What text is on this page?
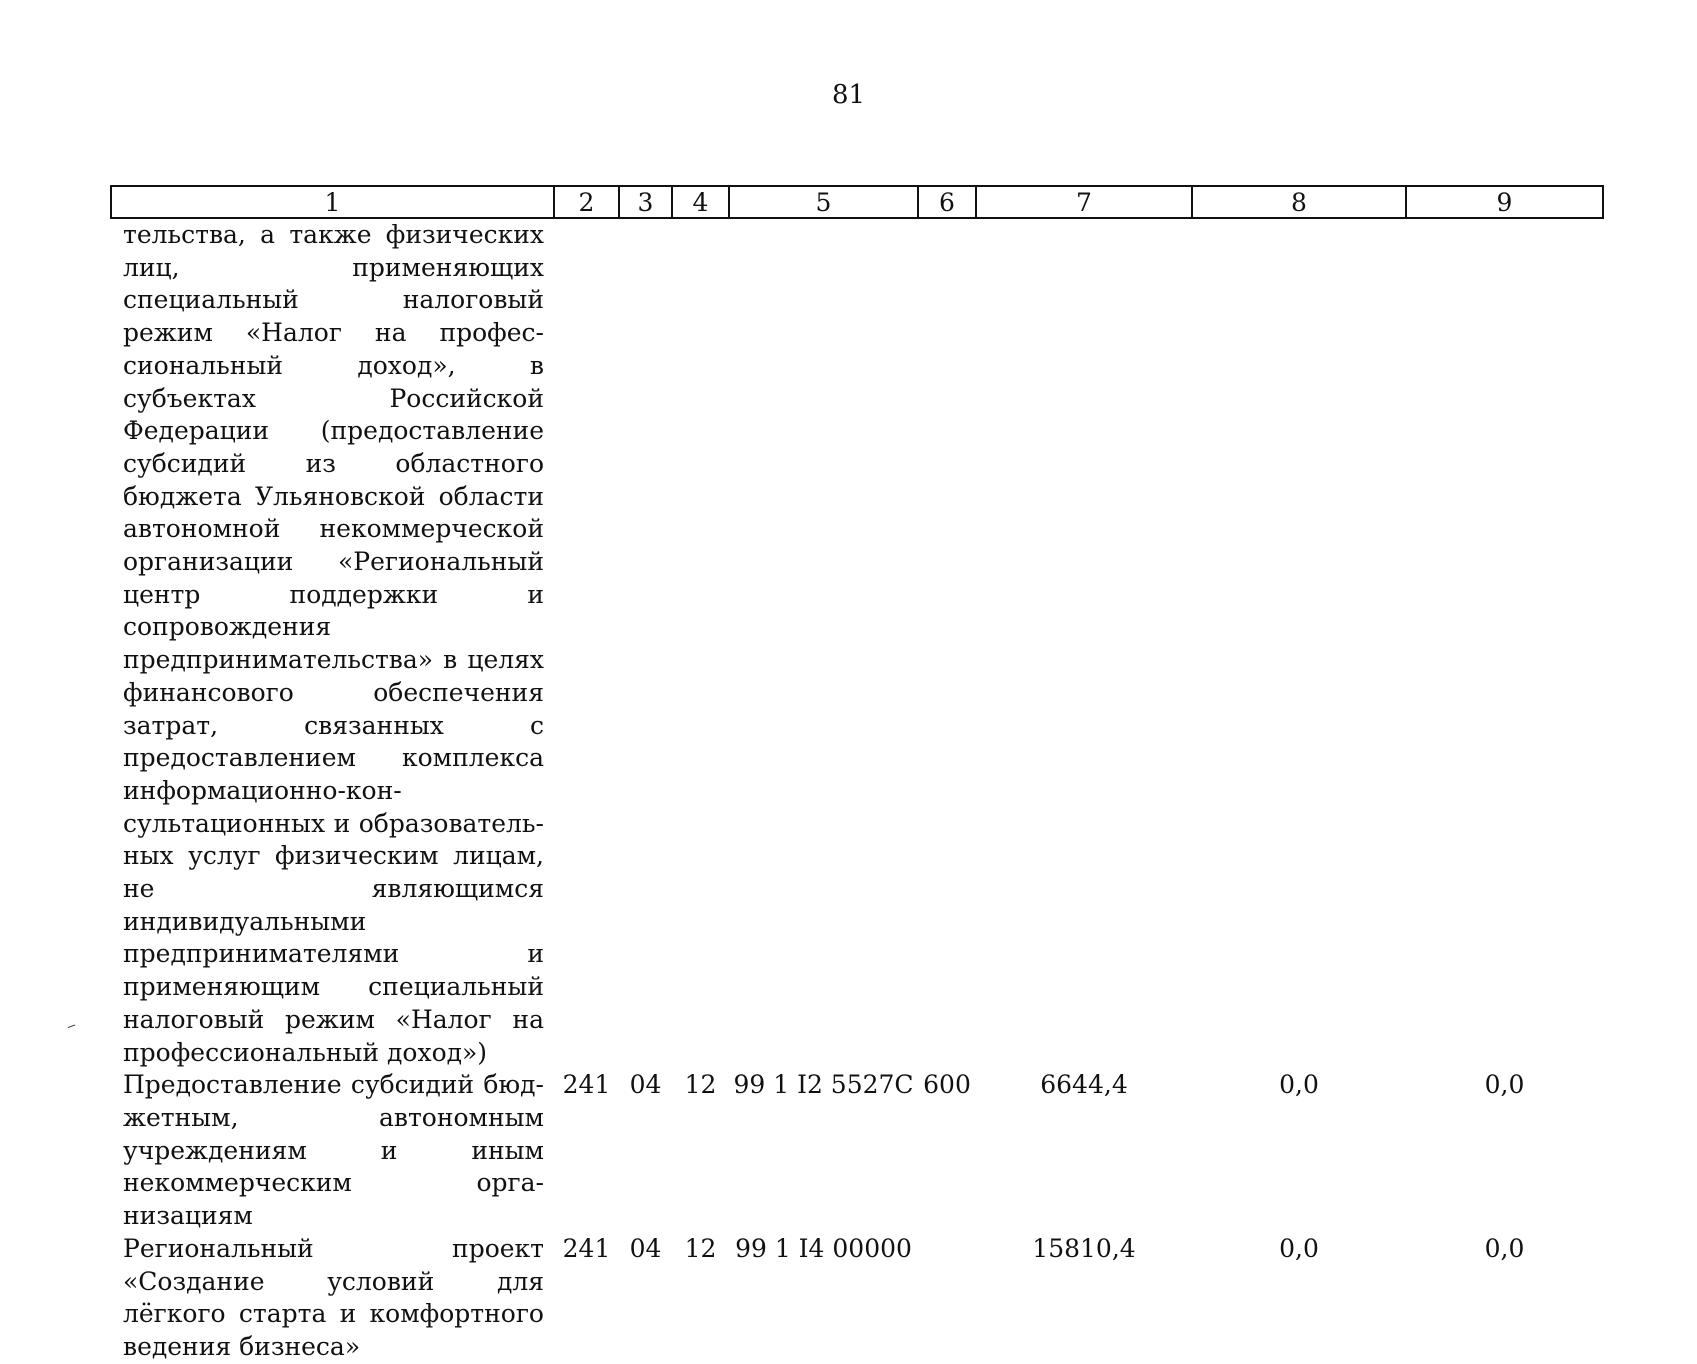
81
1	2	3	4	5	6	7	8	9
тельства, а также физических лиц, применяющих специальный налоговый режим «Налог на профессиональный доход», в субъектах Российской Федерации (предоставление субсидий из областного бюджета Ульяновской области автономной некоммерческой организации «Региональный центр поддержки и сопровождения предпринимательства» в целях финансового обеспечения затрат, связанных с предоставлением комплекса информационно-консультационных и образовательных услуг физическим лицам, не являющимся индивидуальными предпринимателями и применяющим специальный налоговый режим «Налог на профессиональный доход»)								
Предоставление субсидий бюджетным, автономным учреждениям и иным некоммерческим организациям	241	04	12	99 1 I2 5527C	600	6644,4	0,0	0,0
Региональный проект «Создание условий для лёгкого старта и комфортного ведения бизнеса»	241	04	12	99 1 I4 00000		15810,4	0,0	0,0
‒
